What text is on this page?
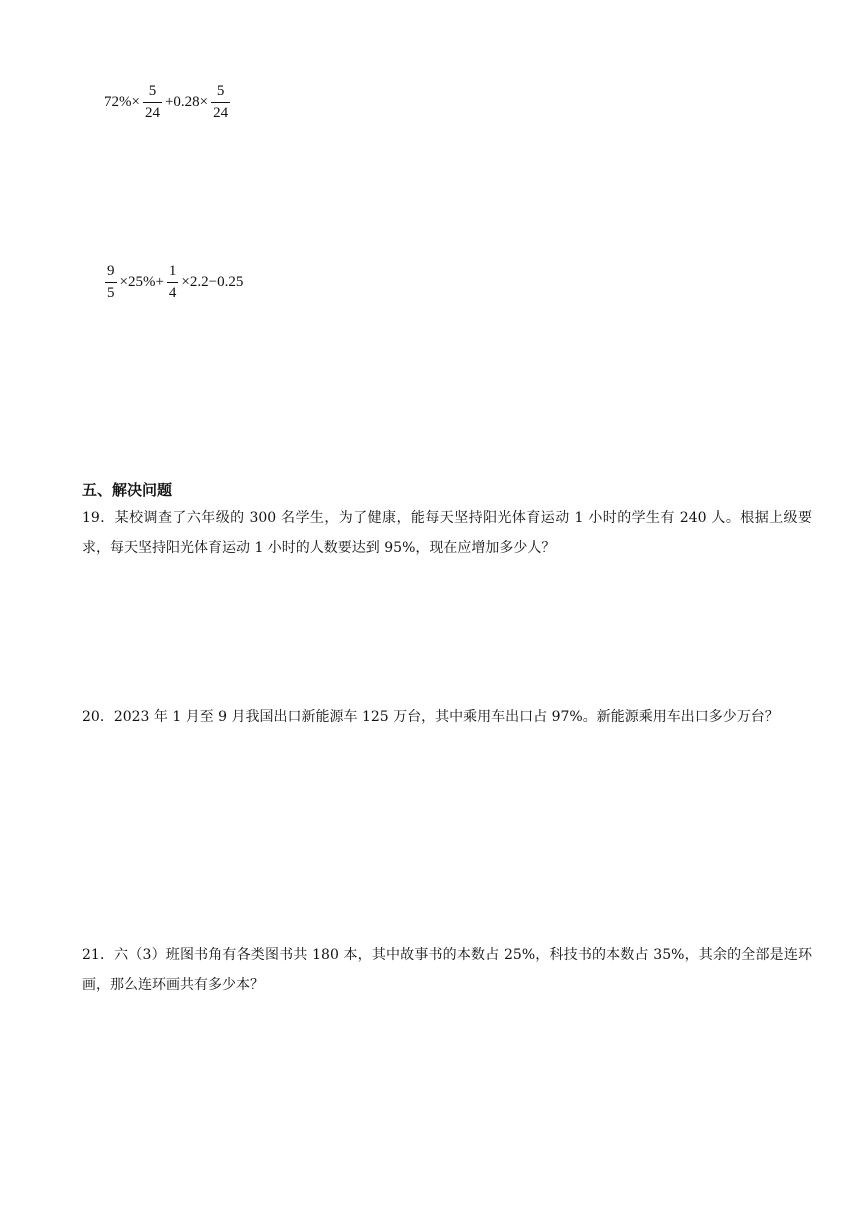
$72\%\times \frac{5}{24} +0.28\times \frac{5}{24}$
$\frac{9}{5} \times 25\%+ \frac{1}{4} \times 2.2-0.25$
五、解决问题
19．某校调查了六年级的 300 名学生，为了健康，能每天坚持阳光体育运动 1 小时的学生有 240 人。根据上级要求，每天坚持阳光体育运动 1 小时的人数要达到 95%，现在应增加多少人？
20．2023 年 1 月至 9 月我国出口新能源车 125 万台，其中乘用车出口占 97%。新能源乘用车出口多少万台？
21．六（3）班图书角有各类图书共 180 本，其中故事书的本数占 25%，科技书的本数占 35%，其余的全部是连环画，那么连环画共有多少本？
